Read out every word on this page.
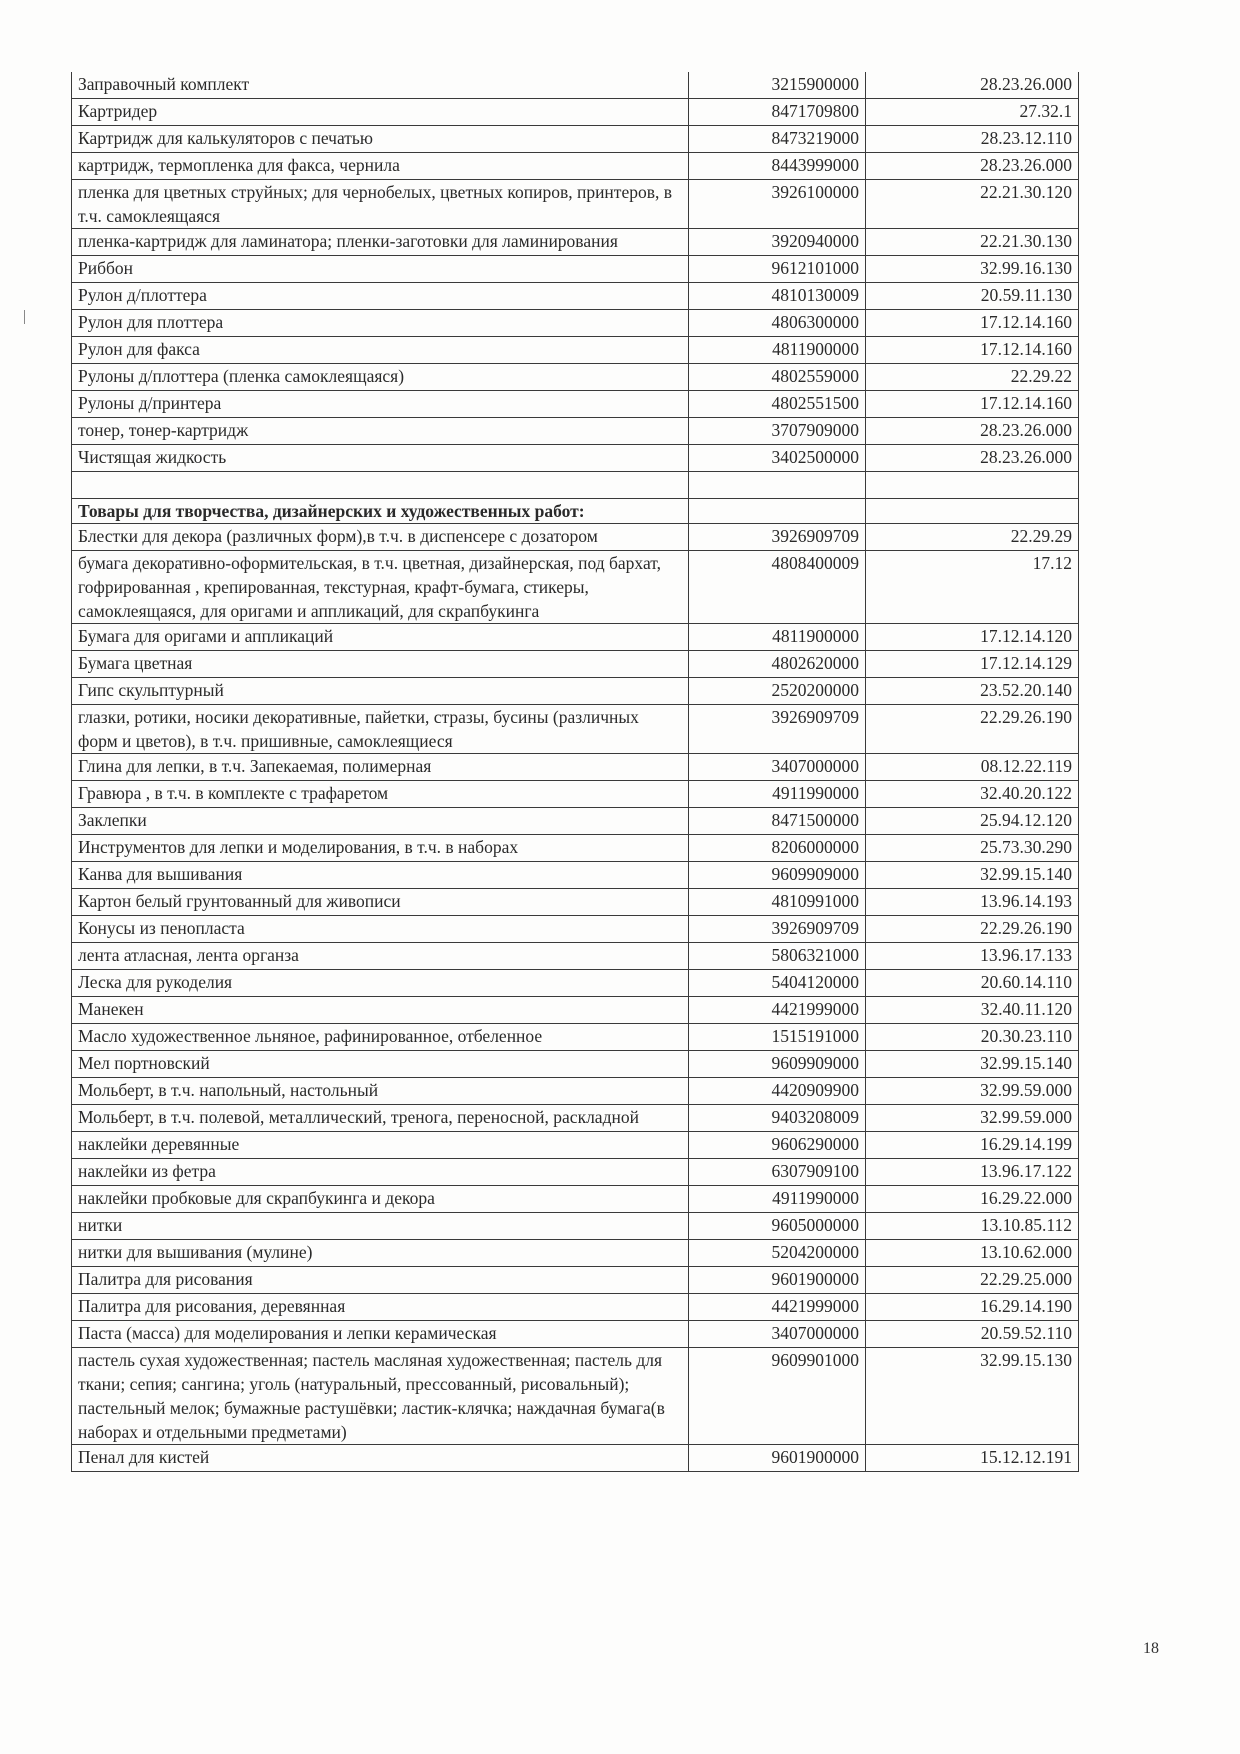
Заправочный комплект	3215900000	28.23.26.000
Картридер	8471709800	27.32.1
Картридж для калькуляторов с печатью	8473219000	28.23.12.110
картридж, термопленка для факса, чернила	8443999000	28.23.26.000
пленка для цветных струйных; для чернобелых, цветных копиров, принтеров, в т.ч. самоклеящаяся	3926100000	22.21.30.120
пленка-картридж для ламинатора; пленки-заготовки для ламинирования	3920940000	22.21.30.130
Риббон	9612101000	32.99.16.130
Рулон д/плоттера	4810130009	20.59.11.130
Рулон для плоттера	4806300000	17.12.14.160
Рулон для факса	4811900000	17.12.14.160
Рулоны д/плоттера (пленка самоклеящаяся)	4802559000	22.29.22
Рулоны д/принтера	4802551500	17.12.14.160
тонер, тонер-картридж	3707909000	28.23.26.000
Чистящая жидкость	3402500000	28.23.26.000

Товары для творчества, дизайнерских и художественных работ:		
Блестки для декора (различных форм),в т.ч. в диспенсере с дозатором	3926909709	22.29.29
бумага декоративно-оформительская, в т.ч. цветная, дизайнерская, под бархат, гофрированная , крепированная, текстурная, крафт-бумага, стикеры, самоклеящаяся, для оригами и аппликаций, для скрапбукинга	4808400009	17.12
Бумага для оригами и аппликаций	4811900000	17.12.14.120
Бумага цветная	4802620000	17.12.14.129
Гипс скульптурный	2520200000	23.52.20.140
глазки, ротики, носики декоративные, пайетки, стразы, бусины (различных форм и цветов), в т.ч. пришивные, самоклеящиеся	3926909709	22.29.26.190
Глина для лепки, в т.ч. Запекаемая, полимерная	3407000000	08.12.22.119
Гравюра , в т.ч. в комплекте с трафаретом	4911990000	32.40.20.122
Заклепки	8471500000	25.94.12.120
Инструментов для лепки и моделирования, в т.ч. в наборах	8206000000	25.73.30.290
Канва для вышивания	9609909000	32.99.15.140
Картон белый грунтованный для живописи	4810991000	13.96.14.193
Конусы из пенопласта	3926909709	22.29.26.190
лента атласная, лента органза	5806321000	13.96.17.133
Леска для рукоделия	5404120000	20.60.14.110
Манекен	4421999000	32.40.11.120
Масло художественное льняное, рафинированное, отбеленное	1515191000	20.30.23.110
Мел портновский	9609909000	32.99.15.140
Мольберт, в т.ч. напольный, настольный	4420909900	32.99.59.000
Мольберт, в т.ч. полевой, металлический, тренога, переносной, раскладной	9403208009	32.99.59.000
наклейки деревянные	9606290000	16.29.14.199
наклейки из фетра	6307909100	13.96.17.122
наклейки пробковые для скрапбукинга и декора	4911990000	16.29.22.000
нитки	9605000000	13.10.85.112
нитки для вышивания (мулине)	5204200000	13.10.62.000
Палитра для рисования	9601900000	22.29.25.000
Палитра для рисования, деревянная	4421999000	16.29.14.190
Паста (масса) для моделирования и лепки керамическая	3407000000	20.59.52.110
пастель сухая художественная; пастель масляная художественная; пастель для ткани; сепия; сангина; уголь (натуральный, прессованный, рисовальный); пастельный мелок; бумажные растушёвки; ластик-клячка; наждачная бумага(в наборах и отдельными предметами)	9609901000	32.99.15.130
Пенал для кистей	9601900000	15.12.12.191
18
